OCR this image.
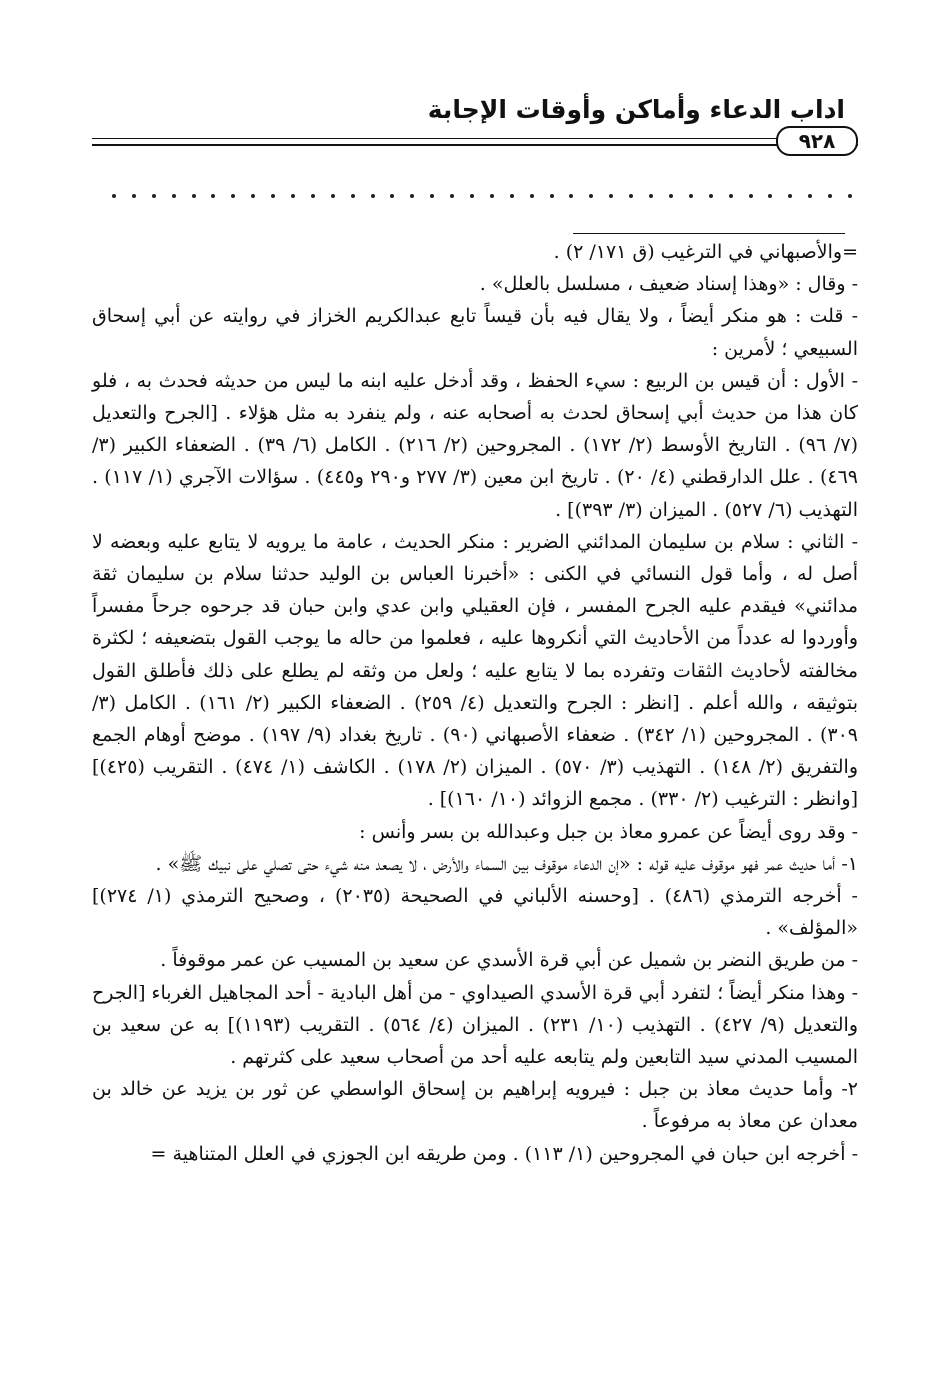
اداب الدعاء وأماكن وأوقات الإجابة
٩٢٨

=والأصبهاني في الترغيب (ق ١٧١/ ٢) .

- وقال : «وهذا إسناد ضعيف ، مسلسل بالعلل» .

- قلت : هو منكر أيضاً ، ولا يقال فيه بأن قيساً تابع عبدالكريم الخزاز في روايته عن أبي إسحاق السبيعي ؛ لأمرين :

- الأول : أن قيس بن الربيع : سيء الحفظ ، وقد أدخل عليه ابنه ما ليس من حديثه فحدث به ، فلو كان هذا من حديث أبي إسحاق لحدث به أصحابه عنه ، ولم ينفرد به مثل هؤلاء . [الجرح والتعديل (٧/ ٩٦) . التاريخ الأوسط (٢/ ١٧٢) . المجروحين (٢/ ٢١٦) . الكامل (٦/ ٣٩) . الضعفاء الكبير (٣/ ٤٦٩) . علل الدارقطني (٤/ ٢٠) . تاريخ ابن معين (٣/ ٢٧٧ و٢٩٠ و٤٤٥) . سؤالات الآجري (١/ ١١٧) . التهذيب (٦/ ٥٢٧) . الميزان (٣/ ٣٩٣)] .

- الثاني : سلام بن سليمان المدائني الضرير : منكر الحديث ، عامة ما يرويه لا يتابع عليه وبعضه لا أصل له ، وأما قول النسائي في الكنى : «أخبرنا العباس بن الوليد حدثنا سلام بن سليمان ثقة مدائني» فيقدم عليه الجرح المفسر ، فإن العقيلي وابن عدي وابن حبان قد جرحوه جرحاً مفسراً وأوردوا له عدداً من الأحاديث التي أنكروها عليه ، فعلموا من حاله ما يوجب القول بتضعيفه ؛ لكثرة مخالفته لأحاديث الثقات وتفرده بما لا يتابع عليه ؛ ولعل من وثقه لم يطلع على ذلك فأطلق القول بتوثيقه ، والله أعلم . [انظر : الجرح والتعديل (٤/ ٢٥٩) . الضعفاء الكبير (٢/ ١٦١) . الكامل (٣/ ٣٠٩) . المجروحين (١/ ٣٤٢) . ضعفاء الأصبهاني (٩٠) . تاريخ بغداد (٩/ ١٩٧) . موضح أوهام الجمع والتفريق (٢/ ١٤٨) . التهذيب (٣/ ٥٧٠) . الميزان (٢/ ١٧٨) . الكاشف (١/ ٤٧٤) . التقريب (٤٢٥)] [وانظر : الترغيب (٢/ ٣٣٠) . مجمع الزوائد (١٠/ ١٦٠)] .

- وقد روى أيضاً عن عمرو معاذ بن جبل وعبدالله بن بسر وأنس :

١- أما حديث عمر فهو موقوف عليه قوله : «إن الدعاء موقوف بين السماء والأرض ، لا يصعد منه شيء حتى تصلي على نبيك ﷺ» .

- أخرجه الترمذي (٤٨٦) . [وحسنه الألباني في الصحيحة (٢٠٣٥) ، وصحيح الترمذي (١/ ٢٧٤)] «المؤلف» .

- من طريق النضر بن شميل عن أبي قرة الأسدي عن سعيد بن المسيب عن عمر موقوفاً .

- وهذا منكر أيضاً ؛ لتفرد أبي قرة الأسدي الصيداوي - من أهل البادية - أحد المجاهيل الغرباء [الجرح والتعديل (٩/ ٤٢٧) . التهذيب (١٠/ ٢٣١) . الميزان (٤/ ٥٦٤) . التقريب (١١٩٣)] به عن سعيد بن المسيب المدني سيد التابعين ولم يتابعه عليه أحد من أصحاب سعيد على كثرتهم .

٢- وأما حديث معاذ بن جبل : فيرويه إبراهيم بن إسحاق الواسطي عن ثور بن يزيد عن خالد بن معدان عن معاذ به مرفوعاً .

- أخرجه ابن حبان في المجروحين (١/ ١١٣) . ومن طريقه ابن الجوزي في العلل المتناهية =
